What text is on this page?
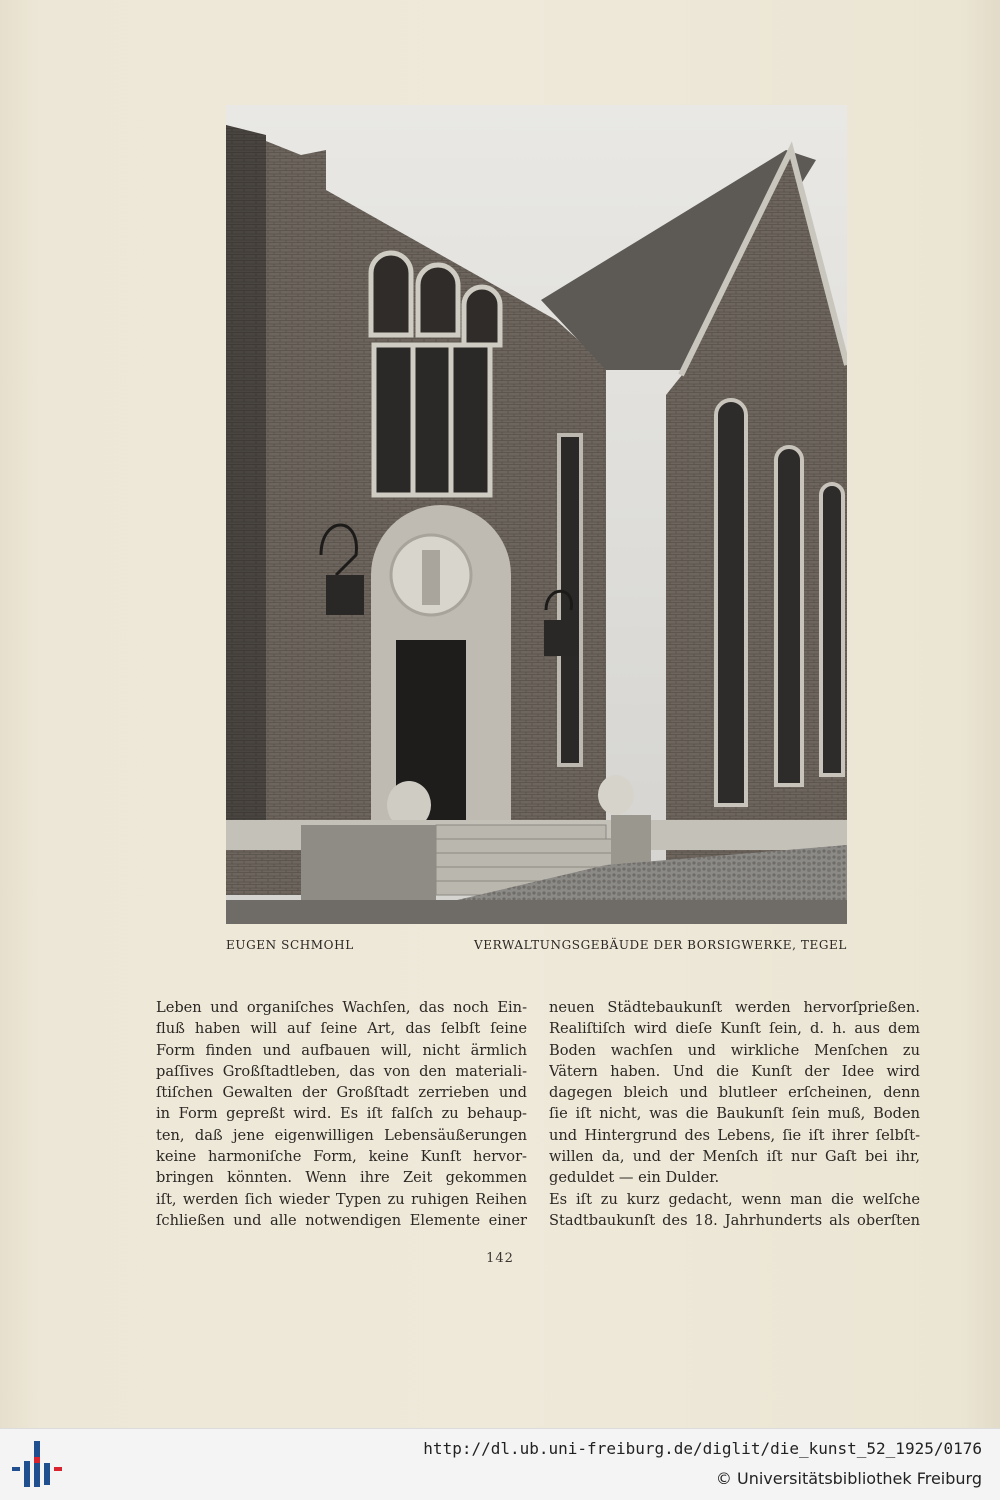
EUGEN SCHMOHL	VERWALTUNGSGEBÄUDE DER BORSIGWERKE, TEGEL
Leben und organiſches Wachſen, das noch Ein-
fluß haben will auf ſeine Art, das ſelbſt ſeine
Form finden und aufbauen will, nicht ärmlich
paſſives Großſtadtleben, das von den materiali-
ſtiſchen Gewalten der Großſtadt zerrieben und
in Form gepreßt wird. Es iſt falſch zu behaup-
ten, daß jene eigenwilligen Lebensäußerungen
keine harmoniſche Form, keine Kunſt hervor-
bringen könnten. Wenn ihre Zeit gekommen
iſt, werden ſich wieder Typen zu ruhigen Reihen
ſchließen und alle notwendigen Elemente einer
neuen Städtebaukunſt werden hervorſprießen.
Realiſtiſch wird dieſe Kunſt ſein, d. h. aus dem
Boden wachſen und wirkliche Menſchen zu
Vätern haben. Und die Kunſt der Idee wird
dagegen bleich und blutleer erſcheinen, denn
ſie iſt nicht, was die Baukunſt ſein muß, Boden
und Hintergrund des Lebens, ſie iſt ihrer ſelbſt-
willen da, und der Menſch iſt nur Gaſt bei ihr,
geduldet — ein Dulder.
Es iſt zu kurz gedacht, wenn man die welſche
Stadtbaukunſt des 18. Jahrhunderts als oberſten
142
http://dl.ub.uni-freiburg.de/diglit/die_kunst_52_1925/0176
© Universitätsbibliothek Freiburg
